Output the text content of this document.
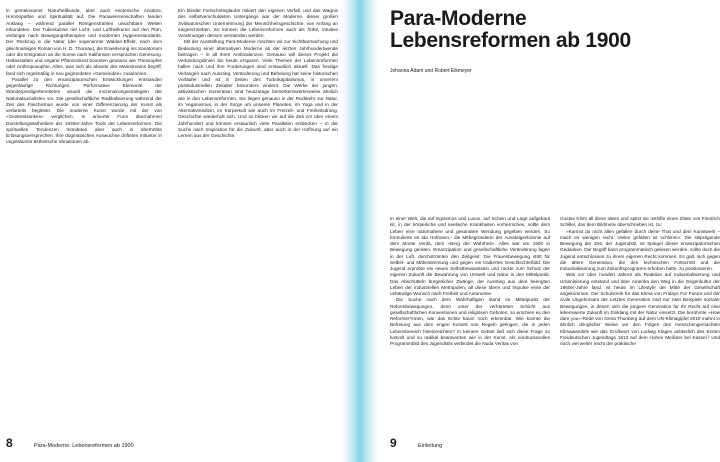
in gemeinsamer Naturheilkunde, aber auch esoterische Ansätze, Homöopathie und Spiritualität auf. Die Paraweissenschaften fanden Anklang – während parallel Röntgenstrahlen unsichtbare Welten erkundeten. Die Tuberkulose rief Licht- und Luftheilkuren auf den Plan, verlangte nach Bewegungstherapien und modernen Hygienestandards. Der Rückzug in die Natur (der sogenannte Walden-Effekt, nach dem gleichnamigen Roman von H. D. Thoreau), die Erweiterung ins Sanatorium oder die Emigration an die Sonne nach Kalifornien versprachen Genesung. Heilanstalten und vegane Pflanzenkost boomten genauso wie Theosophie oder Anthroposophie. Alles, was sich als abseits des Mainstreams begriff, fand sich regelmäßig in neu gegründeten »Gemeinden« zusammen.

Parallel zu den emanzipatorischen Entwicklungen entstanden gegenläufige Richtungen. Performative Elemente der Wanderpredigerbereiteten visuell die Inszenierungsstrategien der Nationalsozialisten vor. Die gesellschaftliche Radikalisierung während der Zeit des Faschismus wurde von einer Differenzierung der Kunst als verlarteits begleitet. Die moderne Kunst wurde mit der von »Geisteskranken« verglichen. In ariserter Form übernahmen Darstellungsästhetiken der 1930er-Jahre Tools der Lebensreformen. Die spirituellen Tendenzen mündeten aber auch in überhöhte Erlösungsversprechen. Ihre dogmatischen Auswüchse drifteten mitunter in ungeträumte ästhetische Variationen ab.

Ein blinder Fortschrittsglaube riskiert den eigenen Verfall, und das Wagnis des selbstverschuldeten Untergangs war der Moderne, dieser großen zivilisatorischen Unternehmung der Menschheitsgeschichte, von Anfang an eingeschrieben. So können die Lebensreformen auch als frühe, intuitive Vorahnungen dessen verstanden werden.

Mit der Ausstellung Para-Moderne möchten wir zur Sichtbarmachung und Bedeutung einer alternativen Moderne ab der letzten Jahrhundertwende beitragen – in all ihren Ambivalenzen. Genauso will dieses Projekt die Verbindungslinien bis heute ersparen. Viele Themen der Lebensreformen hallen nach und ihre Forderungen sind erstaunlich aktuell. Das heutige Verlangen nach Ausstieg, Veränderung und Befreiung hat seine historischen Vorläufer und ist in Zeiten des Turbokapitalismus, in unserem postindustriellen Zeitalter besonders virulent. Die Werke der jungen, aktivistischen Generation sind heutzutage bemerkenswerterweise ähnlich wie in den Lebensreformen. Sie liegen genauso in der Rückkehr zur Natur, im Veganismus, in der Sorge um unseren Planeten, im Yoga und in der Alternativmedizin, im Körperkult wie auch im Freizeit- und Freiheitsdrang. Geschichte wiederholt sich. Und so blicken wir auf die Zeit vor über einem Jahrhundert und können erstaunlich viele Parallelen entdecken – in der Suche nach Inspiration für die Zukunft, aber auch in der Hoffnung auf ein Lernen aus der Geschichte.

8	Para-Moderne. Lebensreformen ab 1900
Para-Moderne
Lebensreformen ab 1900

Johanna Adam und Robert Eikmeyer

In einer Welt, die auf Egoismus und Luxus, auf Schein und Lüge aufgebaut ist, in der körperliche und seelische Krankheiten vorherrschen, sollte dem Leben eine naturnahere und gesündere Wendung gegeben werden. So formulierte es Ida Hofmann,¹ die Mitbegründerin der Aussteigerkolonie auf dem Monte Verità, dem »Berg der Wahrheit«. Alles war um 1900 in Bewegung geraten. Emanzipation und gesellschaftliche Veränderung lagen in der Luft, durchströmten den Zeitgeist: Die Frauenbewegung stritt für Selbst- und Mitbestimmung und gegen ein tradiertes Geschlechterbild. Die Jugend erprobte ein neues Selbstbewusstsein und rückte zum Schutz der eigenen Zukunft die Bewahrung von Umwelt und Natur in den Mittelpunkt. Das Abschütteln bürgerlicher Zwänge, der Ausstieg aus dem beengten Leben der industriellen Metropolen, all diese Ideen und Impulse einte der unbändige Wunsch nach Freiheit und Autonomie.

Die Suche nach dem Wahrhaftigen stand im Mittelpunkt der Reformbewegungen, denn unter der verhärteten Schicht aus gesellschaftlichen Konventionen und religiösen Geboten, so erschien es den Reformer*innen, war das Echte kaum noch erkennbar. Wie konnte die Befreiung aus dem engen Korsett von Regeln gelingen, die in jeden Lebensbereich hineinreichten? In keinem Gebiet ließ sich diese Frage so lustvoll und so radikal beantworten wie in der Kunst. Als eindrucksvolles Programmbild des Jugendstils verbindet die Nuda Veritas von

Gustav Klimt all diese Ideen und spitzt sie mithilfe eines Zitats von Friedrich Schiller, das dem Bildmotiv überschrieben ist, zu:

»Kannst du nicht allen gefallen durch deine That und dein Kunstwerk – mach es wenigen recht. Vielen gefallen ist schlimm«. Die stilprägende Bewegung der Zeit, der Jugendstil, ist Spiegel dieser emanzipatorischen Gedanken. Der Begriff kann programmatisch gelesen werden, sollte doch die Jugend entschlossen zu ihrem eigenen Recht kommen. Es galt, sich gegen die ältere Generation, die den technischen Fortschritt und die Industrialisierung zum Zukunftsprogramm erhoben hatte, zu positionieren.

Was vor über hundert Jahren als Reaktion auf Industrialisierung und Urbanisierung entstand und über Amerika den Weg in die Gegenkultur der 1960er-Jahre fand, ist heute im Lifestyle der Mitte der Gesellschaft angekommen. Der Schulstreik für das Klima von Fridays For Future und der zivile Ungehorsam der Letzten Generation sind nur zwei Beispiele sozialer Bewegungen, in denen sich die jüngere Generation für ihr Recht auf eine lebenswerte Zukunft im Einklang mit der Natur einsetzt. Die berühmte »How dare you«-Rede von Greta Thunberg auf dem UN-Klimagipfel 2019 mahnt in ähnlich dringlicher Weise vor den Folgen des menschengemachten Klimawandels wie das Grußwort von Ludwig Klages anlässlich des Ersten Freideutschen Jugendtags 1913 auf dem Hohen Meißner bei Kassel.² Und noch viel weiter reicht der praktische

9	Einleitung
